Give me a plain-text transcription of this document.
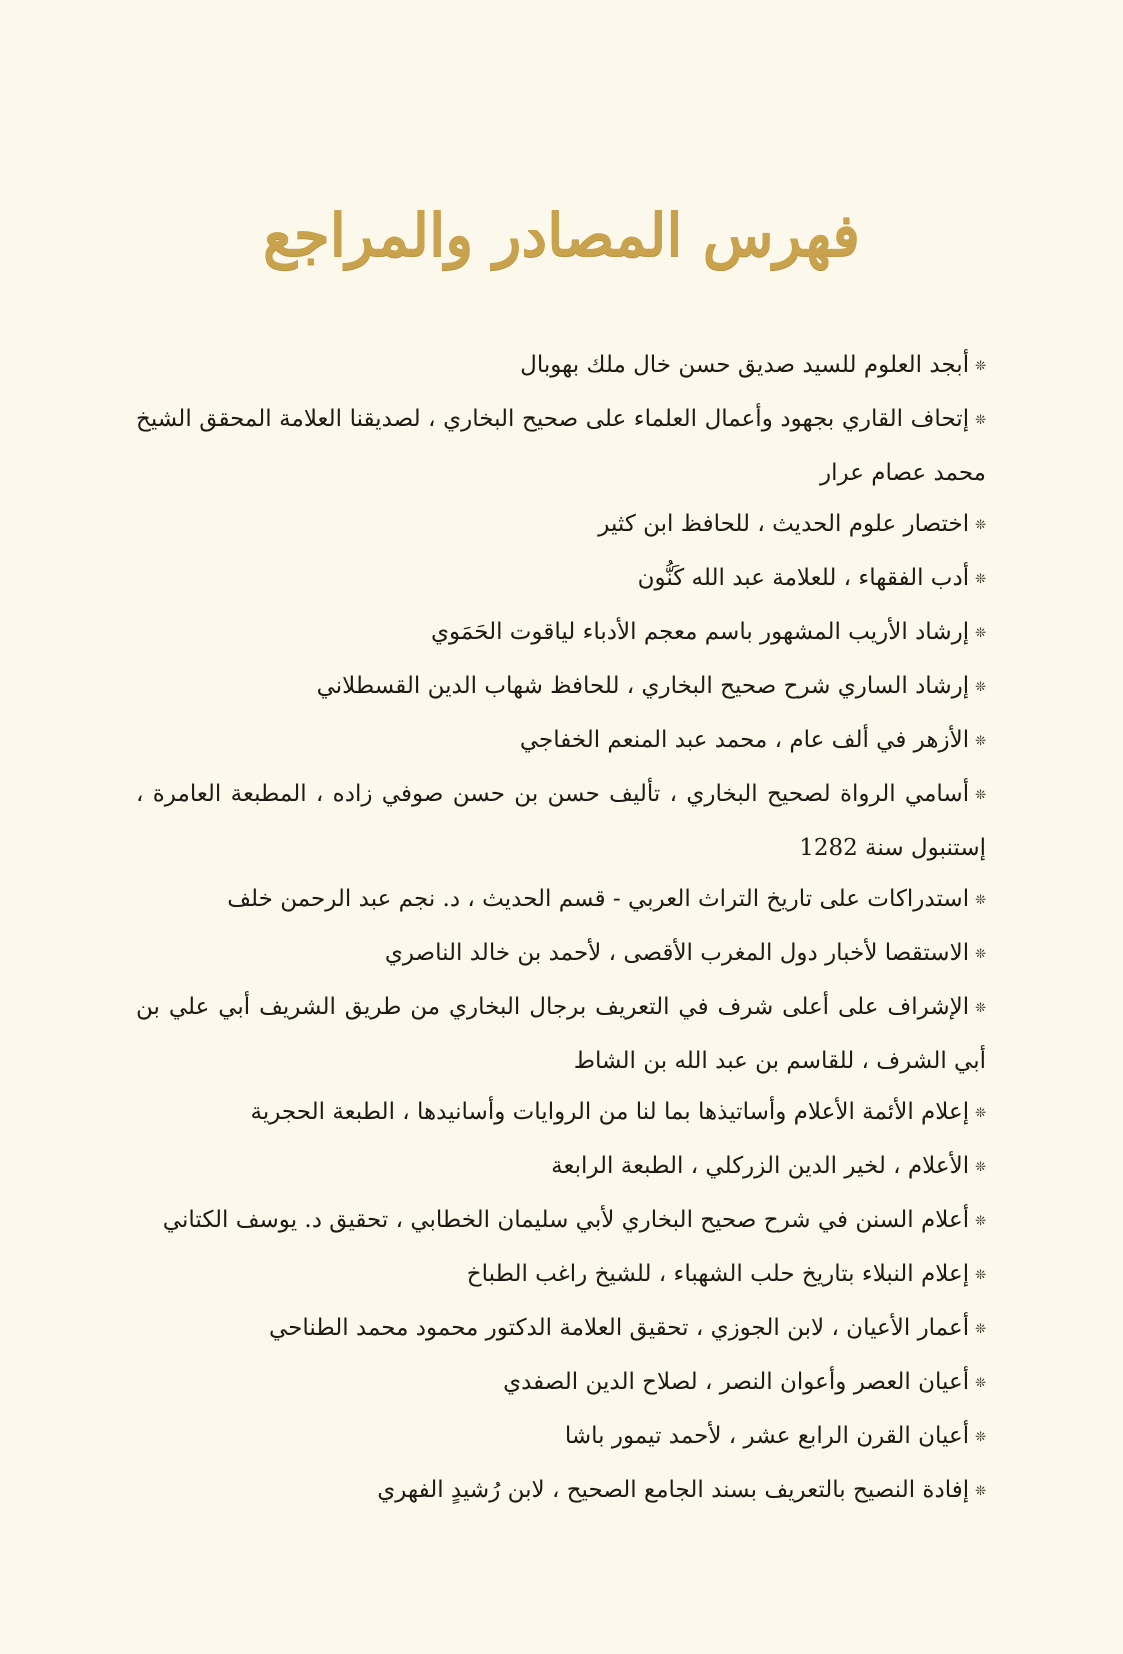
فهرس المصادر والمراجع

❊أبجد العلوم للسيد صديق حسن خال ملك بهوبال

❊إتحاف القاري بجهود وأعمال العلماء على صحيح البخاري ، لصديقنا العلامة المحقق الشيخ محمد عصام عرار

❊اختصار علوم الحديث ، للحافظ ابن كثير

❊أدب الفقهاء ، للعلامة عبد الله كَنُّون

❊إرشاد الأريب المشهور باسم معجم الأدباء لياقوت الحَمَوي

❊إرشاد الساري شرح صحيح البخاري ، للحافظ شهاب الدين القسطلاني

❊الأزهر في ألف عام ، محمد عبد المنعم الخفاجي

❊أسامي الرواة لصحيح البخاري ، تأليف حسن بن حسن صوفي زاده ، المطبعة العامرة ، إستنبول سنة 1282

❊استدراكات على تاريخ التراث العربي - قسم الحديث ، د. نجم عبد الرحمن خلف

❊الاستقصا لأخبار دول المغرب الأقصى ، لأحمد بن خالد الناصري

❊الإشراف على أعلى شرف في التعريف برجال البخاري من طريق الشريف أبي علي بن أبي الشرف ، للقاسم بن عبد الله بن الشاط

❊إعلام الأئمة الأعلام وأساتيذها بما لنا من الروايات وأسانيدها ، الطبعة الحجرية

❊الأعلام ، لخير الدين الزركلي ، الطبعة الرابعة

❊أعلام السنن في شرح صحيح البخاري لأبي سليمان الخطابي ، تحقيق د. يوسف الكتاني

❊إعلام النبلاء بتاريخ حلب الشهباء ، للشيخ راغب الطباخ

❊أعمار الأعيان ، لابن الجوزي ، تحقيق العلامة الدكتور محمود محمد الطناحي

❊أعيان العصر وأعوان النصر ، لصلاح الدين الصفدي

❊أعيان القرن الرابع عشر ، لأحمد تيمور باشا

❊إفادة النصيح بالتعريف بسند الجامع الصحيح ، لابن رُشيدٍ الفهري
